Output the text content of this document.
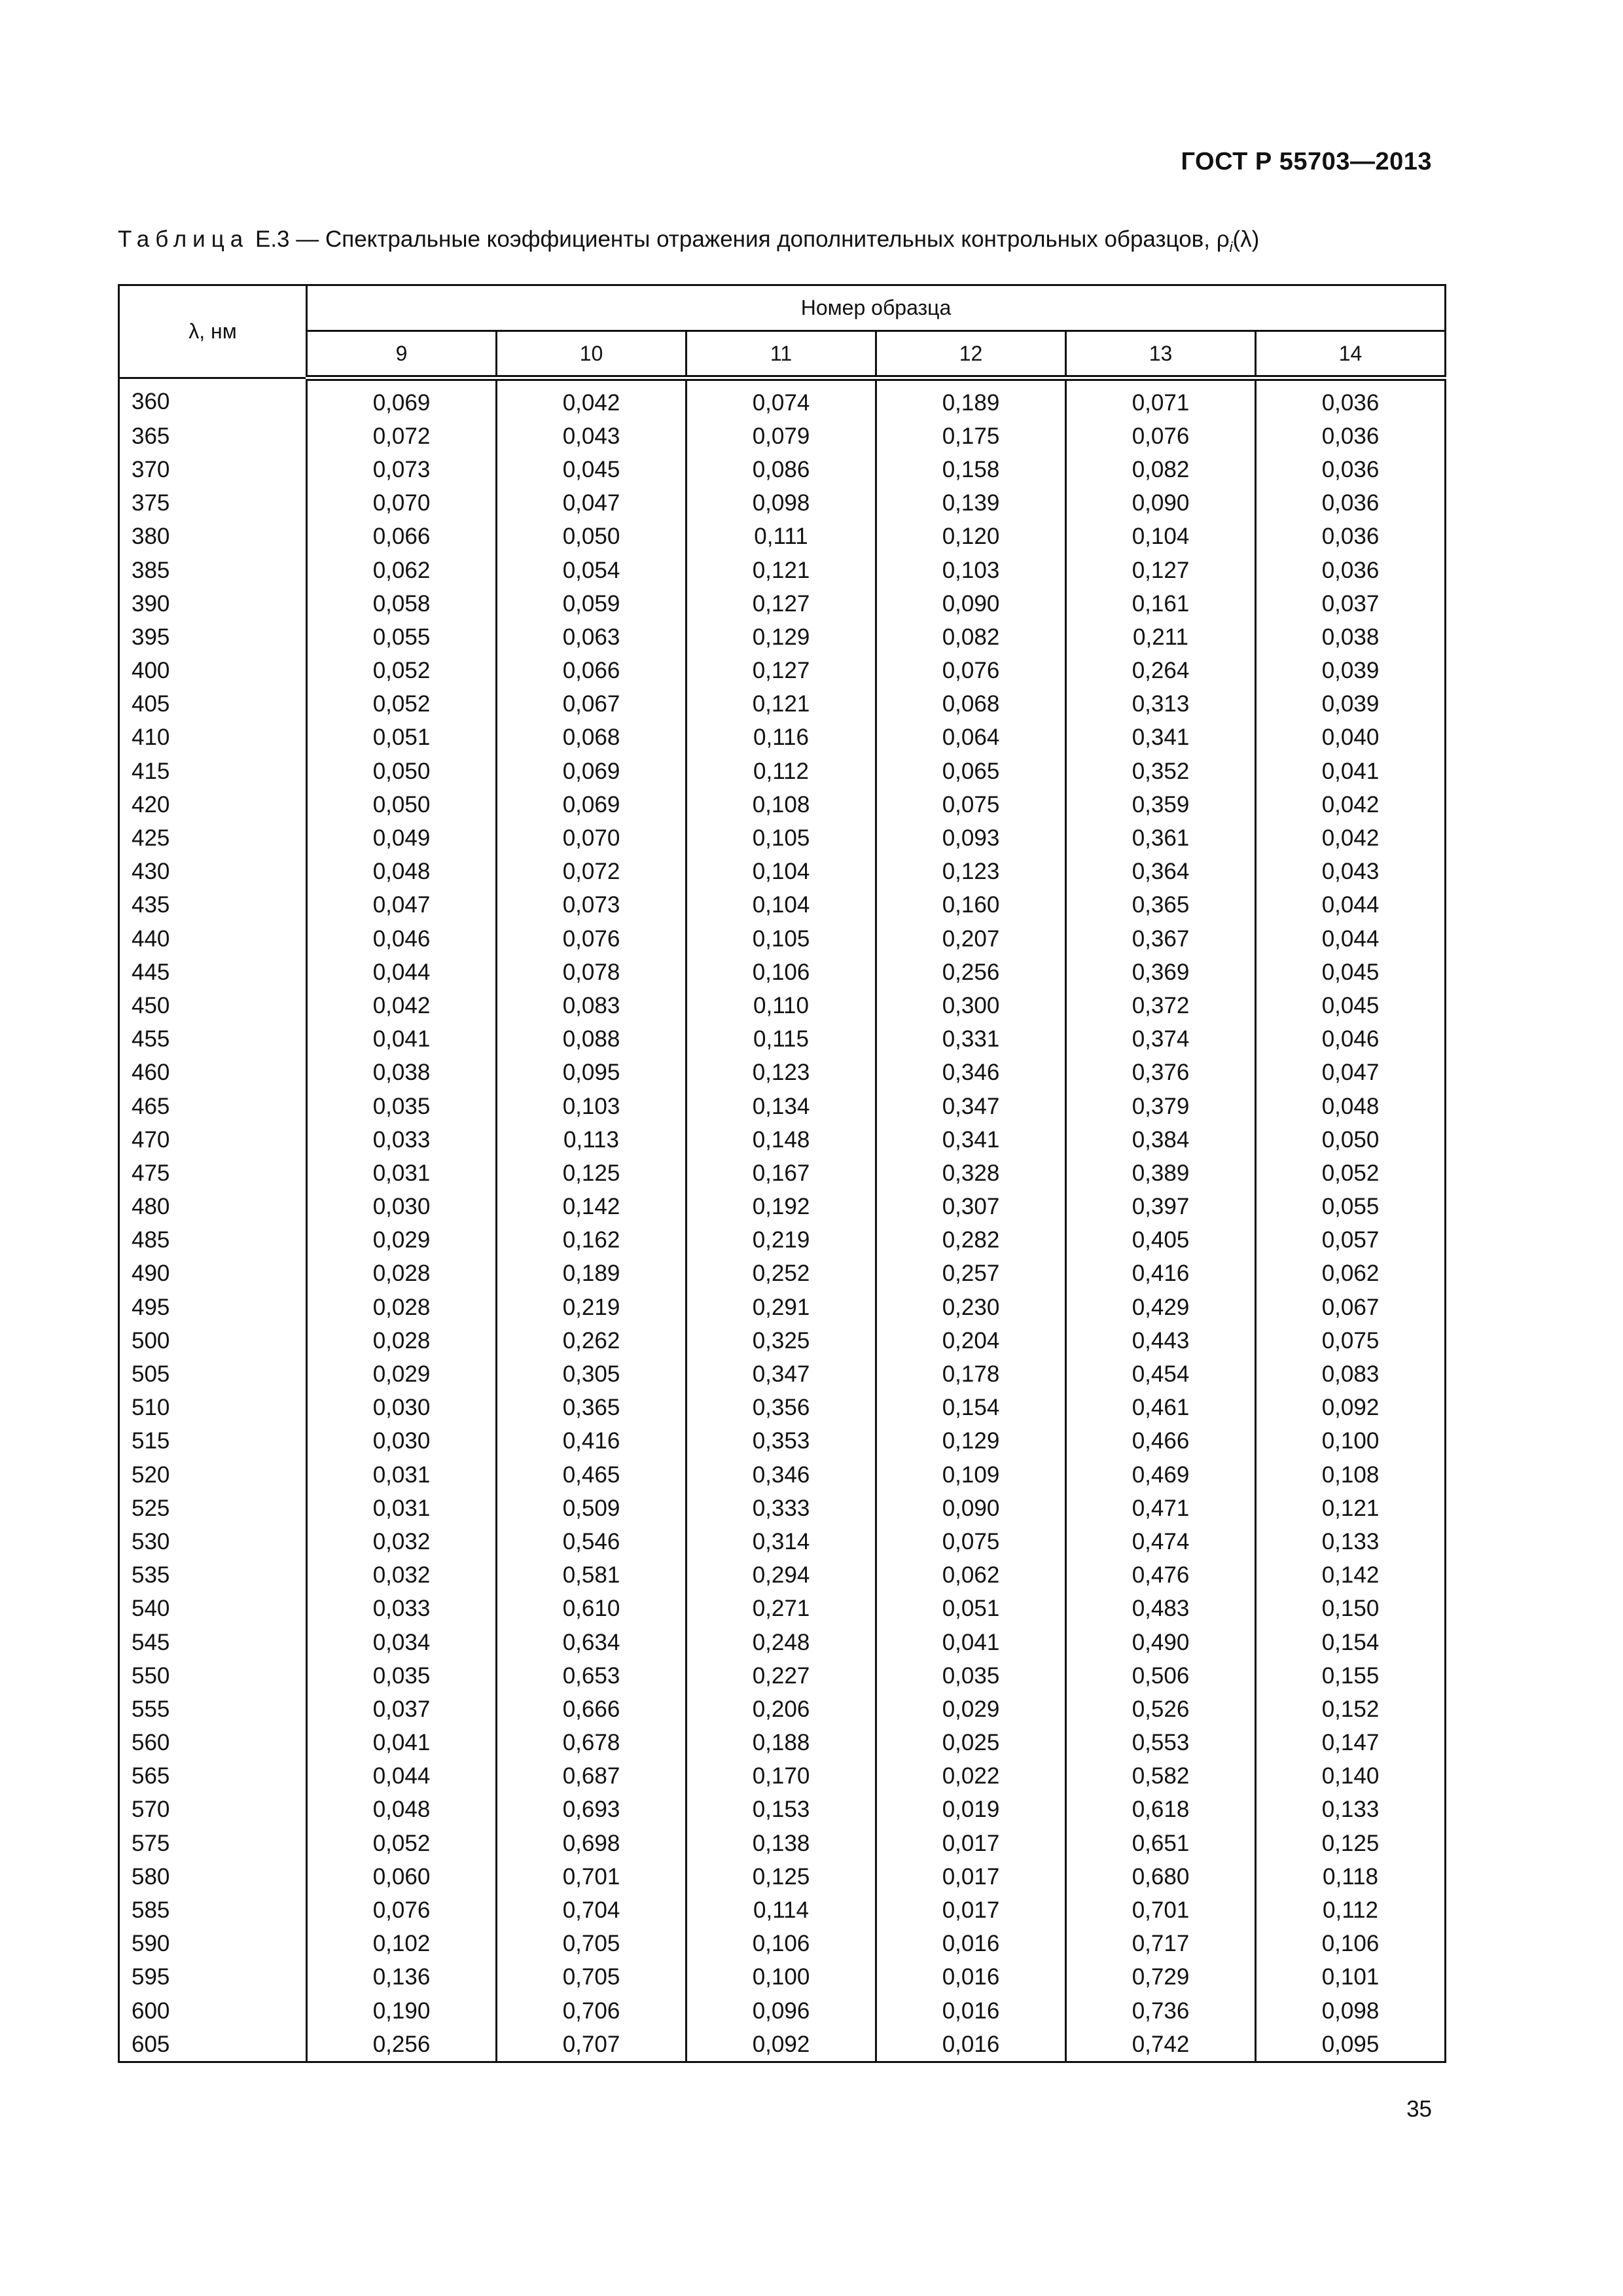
ГОСТ Р 55703—2013
Таблица Е.3 — Спектральные коэффициенты отражения дополнительных контрольных образцов, $\rho_i(\lambda)$
λ, нм	Номер образца					
	9	10	11	12	13	14
360	0,069	0,042	0,074	0,189	0,071	0,036
365	0,072	0,043	0,079	0,175	0,076	0,036
370	0,073	0,045	0,086	0,158	0,082	0,036
375	0,070	0,047	0,098	0,139	0,090	0,036
380	0,066	0,050	0,111	0,120	0,104	0,036
385	0,062	0,054	0,121	0,103	0,127	0,036
390	0,058	0,059	0,127	0,090	0,161	0,037
395	0,055	0,063	0,129	0,082	0,211	0,038
400	0,052	0,066	0,127	0,076	0,264	0,039
405	0,052	0,067	0,121	0,068	0,313	0,039
410	0,051	0,068	0,116	0,064	0,341	0,040
415	0,050	0,069	0,112	0,065	0,352	0,041
420	0,050	0,069	0,108	0,075	0,359	0,042
425	0,049	0,070	0,105	0,093	0,361	0,042
430	0,048	0,072	0,104	0,123	0,364	0,043
435	0,047	0,073	0,104	0,160	0,365	0,044
440	0,046	0,076	0,105	0,207	0,367	0,044
445	0,044	0,078	0,106	0,256	0,369	0,045
450	0,042	0,083	0,110	0,300	0,372	0,045
455	0,041	0,088	0,115	0,331	0,374	0,046
460	0,038	0,095	0,123	0,346	0,376	0,047
465	0,035	0,103	0,134	0,347	0,379	0,048
470	0,033	0,113	0,148	0,341	0,384	0,050
475	0,031	0,125	0,167	0,328	0,389	0,052
480	0,030	0,142	0,192	0,307	0,397	0,055
485	0,029	0,162	0,219	0,282	0,405	0,057
490	0,028	0,189	0,252	0,257	0,416	0,062
495	0,028	0,219	0,291	0,230	0,429	0,067
500	0,028	0,262	0,325	0,204	0,443	0,075
505	0,029	0,305	0,347	0,178	0,454	0,083
510	0,030	0,365	0,356	0,154	0,461	0,092
515	0,030	0,416	0,353	0,129	0,466	0,100
520	0,031	0,465	0,346	0,109	0,469	0,108
525	0,031	0,509	0,333	0,090	0,471	0,121
530	0,032	0,546	0,314	0,075	0,474	0,133
535	0,032	0,581	0,294	0,062	0,476	0,142
540	0,033	0,610	0,271	0,051	0,483	0,150
545	0,034	0,634	0,248	0,041	0,490	0,154
550	0,035	0,653	0,227	0,035	0,506	0,155
555	0,037	0,666	0,206	0,029	0,526	0,152
560	0,041	0,678	0,188	0,025	0,553	0,147
565	0,044	0,687	0,170	0,022	0,582	0,140
570	0,048	0,693	0,153	0,019	0,618	0,133
575	0,052	0,698	0,138	0,017	0,651	0,125
580	0,060	0,701	0,125	0,017	0,680	0,118
585	0,076	0,704	0,114	0,017	0,701	0,112
590	0,102	0,705	0,106	0,016	0,717	0,106
595	0,136	0,705	0,100	0,016	0,729	0,101
600	0,190	0,706	0,096	0,016	0,736	0,098
605	0,256	0,707	0,092	0,016	0,742	0,095
35
